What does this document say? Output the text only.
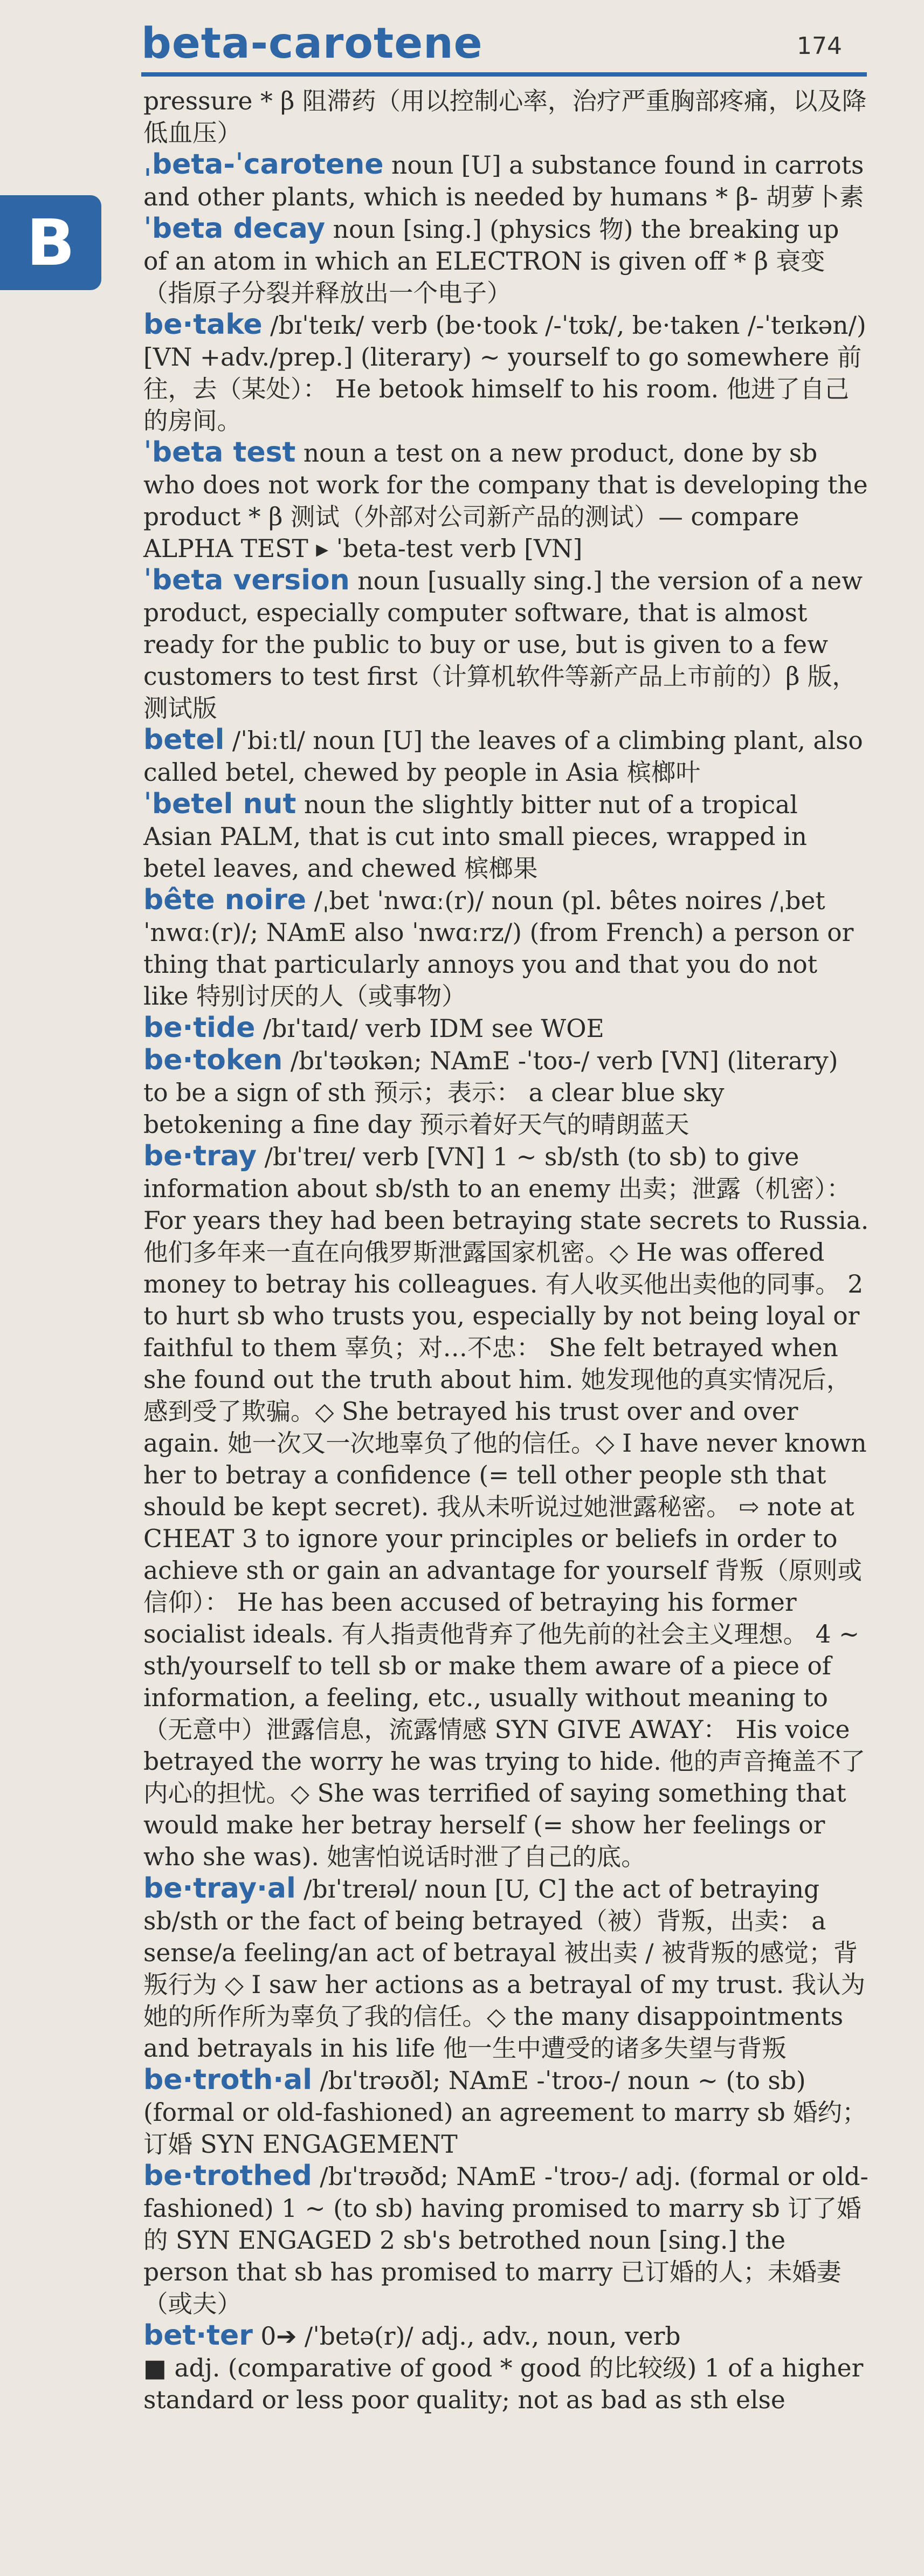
beta-carotene	174
B

pressure * β 阻滞药（用以控制心率，治疗严重胸部疼痛，以及降低血压）

ˌbeta-ˈcarotene noun [U] a substance found in carrots and other plants, which is needed by humans * β- 胡萝卜素

ˈbeta decay noun [sing.] (physics 物) the breaking up of an atom in which an ELECTRON is given off * β 衰变（指原子分裂并释放出一个电子）

be·take /bɪˈteɪk/ verb (be·took /-ˈtʊk/, be·taken /-ˈteɪkən/) [VN +adv./prep.] (literary) ~ yourself to go somewhere 前往，去（某处）： He betook himself to his room. 他进了自己的房间。

ˈbeta test noun a test on a new product, done by sb who does not work for the company that is developing the product * β 测试（外部对公司新产品的测试）— compare ALPHA TEST ▸ ˈbeta-test verb [VN]

ˈbeta version noun [usually sing.] the version of a new product, especially computer software, that is almost ready for the public to buy or use, but is given to a few customers to test first（计算机软件等新产品上市前的）β 版，测试版

betel /ˈbiːtl/ noun [U] the leaves of a climbing plant, also called betel, chewed by people in Asia 槟榔叶

ˈbetel nut noun the slightly bitter nut of a tropical Asian PALM, that is cut into small pieces, wrapped in betel leaves, and chewed 槟榔果

bête noire /ˌbet ˈnwɑː(r)/ noun (pl. bêtes noires /ˌbet ˈnwɑː(r)/; NAmE also ˈnwɑːrz/) (from French) a person or thing that particularly annoys you and that you do not like 特别讨厌的人（或事物）

be·tide /bɪˈtaɪd/ verb IDM see WOE

be·token /bɪˈtəʊkən; NAmE -ˈtoʊ-/ verb [VN] (literary) to be a sign of sth 预示；表示： a clear blue sky betokening a fine day 预示着好天气的晴朗蓝天

be·tray /bɪˈtreɪ/ verb [VN] 1 ~ sb/sth (to sb) to give information about sb/sth to an enemy 出卖；泄露（机密）： For years they had been betraying state secrets to Russia. 他们多年来一直在向俄罗斯泄露国家机密。◇ He was offered money to betray his colleagues. 有人收买他出卖他的同事。 2 to hurt sb who trusts you, especially by not being loyal or faithful to them 辜负；对…不忠： She felt betrayed when she found out the truth about him. 她发现他的真实情况后，感到受了欺骗。◇ She betrayed his trust over and over again. 她一次又一次地辜负了他的信任。◇ I have never known her to betray a confidence (= tell other people sth that should be kept secret). 我从未听说过她泄露秘密。 ⇨ note at CHEAT 3 to ignore your principles or beliefs in order to achieve sth or gain an advantage for yourself 背叛（原则或信仰）： He has been accused of betraying his former socialist ideals. 有人指责他背弃了他先前的社会主义理想。 4 ~ sth/yourself to tell sb or make them aware of a piece of information, a feeling, etc., usually without meaning to（无意中）泄露信息，流露情感 SYN GIVE AWAY： His voice betrayed the worry he was trying to hide. 他的声音掩盖不了内心的担忧。◇ She was terrified of saying something that would make her betray herself (= show her feelings or who she was). 她害怕说话时泄了自己的底。

be·tray·al /bɪˈtreɪəl/ noun [U, C] the act of betraying sb/sth or the fact of being betrayed（被）背叛，出卖： a sense/a feeling/an act of betrayal 被出卖 / 被背叛的感觉；背叛行为 ◇ I saw her actions as a betrayal of my trust. 我认为她的所作所为辜负了我的信任。◇ the many disappointments and betrayals in his life 他一生中遭受的诸多失望与背叛

be·troth·al /bɪˈtrəʊðl; NAmE -ˈtroʊ-/ noun ~ (to sb) (formal or old-fashioned) an agreement to marry sb 婚约；订婚 SYN ENGAGEMENT

be·trothed /bɪˈtrəʊðd; NAmE -ˈtroʊ-/ adj. (formal or old-fashioned) 1 ~ (to sb) having promised to marry sb 订了婚的 SYN ENGAGED 2 sb's betrothed noun [sing.] the person that sb has promised to marry 已订婚的人；未婚妻（或夫）

bet·ter 0➔ /ˈbetə(r)/ adj., adv., noun, verb

■ adj. (comparative of good * good 的比较级) 1 of a higher standard or less poor quality; not as bad as sth else
